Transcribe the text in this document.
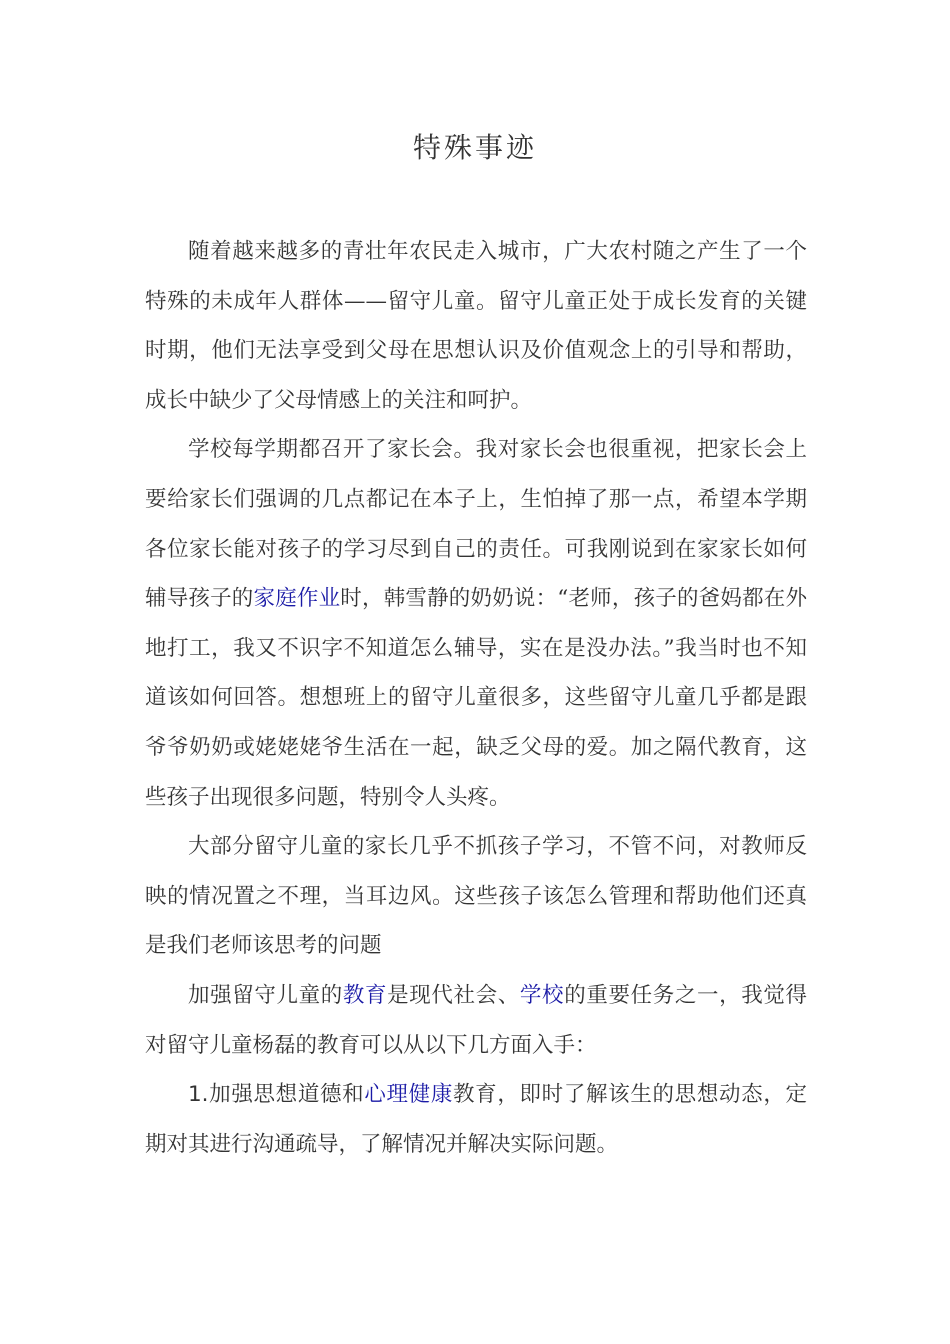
特殊事迹

随着越来越多的青壮年农民走入城市，广大农村随之产生了一个特殊的未成年人群体——留守儿童。留守儿童正处于成长发育的关键时期，他们无法享受到父母在思想认识及价值观念上的引导和帮助，成长中缺少了父母情感上的关注和呵护。

学校每学期都召开了家长会。我对家长会也很重视，把家长会上要给家长们强调的几点都记在本子上，生怕掉了那一点，希望本学期各位家长能对孩子的学习尽到自己的责任。可我刚说到在家家长如何辅导孩子的家庭作业时，韩雪静的奶奶说：“老师，孩子的爸妈都在外地打工，我又不识字不知道怎么辅导，实在是没办法。”我当时也不知道该如何回答。想想班上的留守儿童很多，这些留守儿童几乎都是跟爷爷奶奶或姥姥姥爷生活在一起，缺乏父母的爱。加之隔代教育，这些孩子出现很多问题，特别令人头疼。

大部分留守儿童的家长几乎不抓孩子学习，不管不问，对教师反映的情况置之不理，当耳边风。这些孩子该怎么管理和帮助他们还真是我们老师该思考的问题

加强留守儿童的教育是现代社会、学校的重要任务之一，我觉得对留守儿童杨磊的教育可以从以下几方面入手：

1.加强思想道德和心理健康教育，即时了解该生的思想动态，定期对其进行沟通疏导，了解情况并解决实际问题。
